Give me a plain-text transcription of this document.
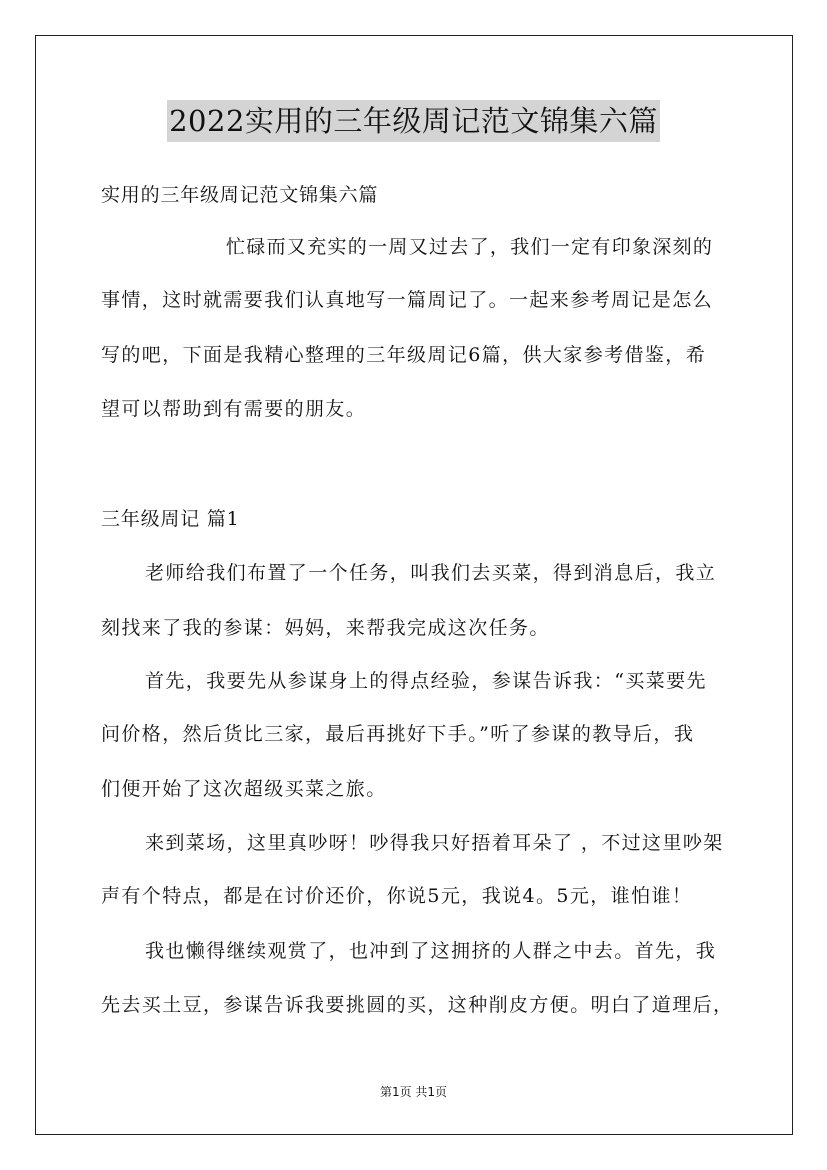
2022实用的三年级周记范文锦集六篇
实用的三年级周记范文锦集六篇
忙碌而又充实的一周又过去了，我们一定有印象深刻的
事情，这时就需要我们认真地写一篇周记了。一起来参考周记是怎么
写的吧，下面是我精心整理的三年级周记6篇，供大家参考借鉴，希
望可以帮助到有需要的朋友。
三年级周记 篇1
老师给我们布置了一个任务，叫我们去买菜，得到消息后，我立
刻找来了我的参谋：妈妈，来帮我完成这次任务。
首先，我要先从参谋身上的得点经验，参谋告诉我：“买菜要先
问价格，然后货比三家，最后再挑好下手。”听了参谋的教导后，我
们便开始了这次超级买菜之旅。
来到菜场，这里真吵呀！吵得我只好捂着耳朵了 ，不过这里吵架
声有个特点，都是在讨价还价，你说5元，我说4。5元，谁怕谁！
我也懒得继续观赏了，也冲到了这拥挤的人群之中去。首先，我
先去买土豆，参谋告诉我要挑圆的买，这种削皮方便。明白了道理后，
第1页 共1页
